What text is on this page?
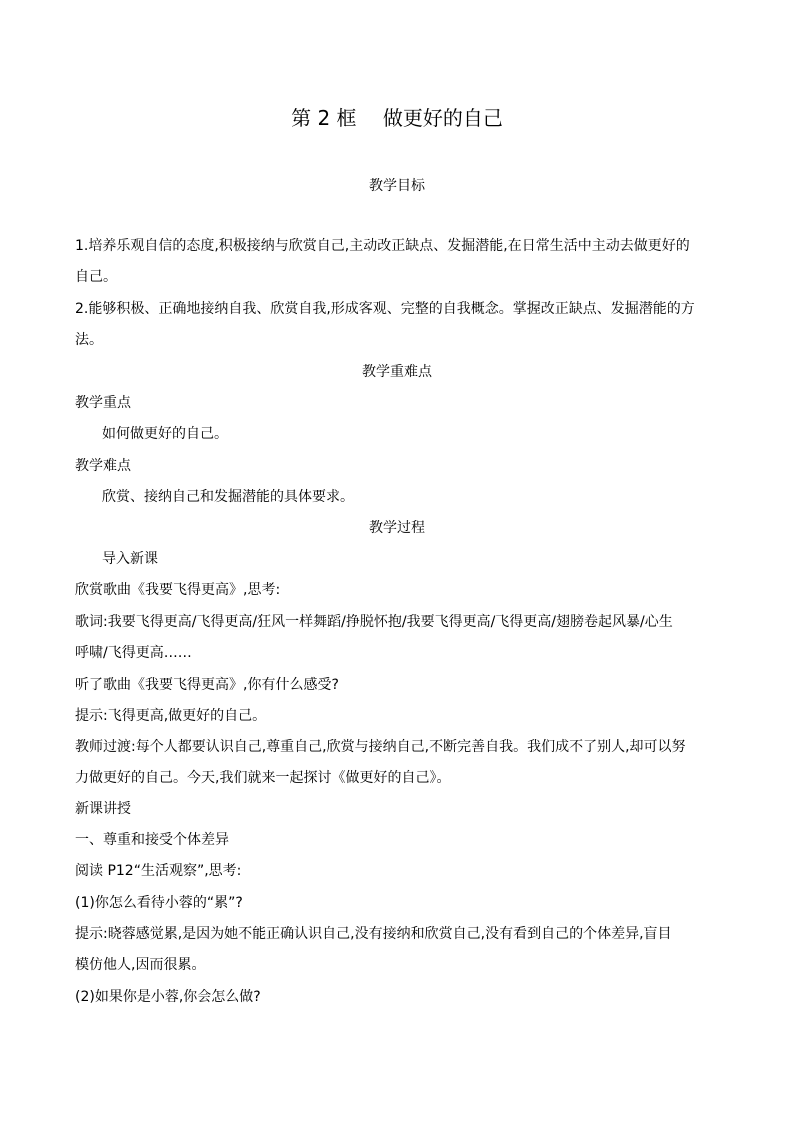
第 2 框　 做更好的自己
教学目标
1.培养乐观自信的态度,积极接纳与欣赏自己,主动改正缺点、发掘潜能,在日常生活中主动去做更好的
自己。
2.能够积极、正确地接纳自我、欣赏自我,形成客观、完整的自我概念。掌握改正缺点、发掘潜能的方
法。
教学重难点
教学重点
如何做更好的自己。
教学难点
欣赏、接纳自己和发掘潜能的具体要求。
教学过程
导入新课
欣赏歌曲《我要飞得更高》,思考:
歌词:我要飞得更高/飞得更高/狂风一样舞蹈/挣脱怀抱/我要飞得更高/飞得更高/翅膀卷起风暴/心生
呼啸/飞得更高……
听了歌曲《我要飞得更高》,你有什么感受?
提示:飞得更高,做更好的自己。
教师过渡:每个人都要认识自己,尊重自己,欣赏与接纳自己,不断完善自我。我们成不了别人,却可以努
力做更好的自己。今天,我们就来一起探讨《做更好的自己》。
新课讲授
一、尊重和接受个体差异
阅读 P12“生活观察”,思考:
(1)你怎么看待小蓉的“累”?
提示:晓蓉感觉累,是因为她不能正确认识自己,没有接纳和欣赏自己,没有看到自己的个体差异,盲目
模仿他人,因而很累。
(2)如果你是小蓉,你会怎么做?
